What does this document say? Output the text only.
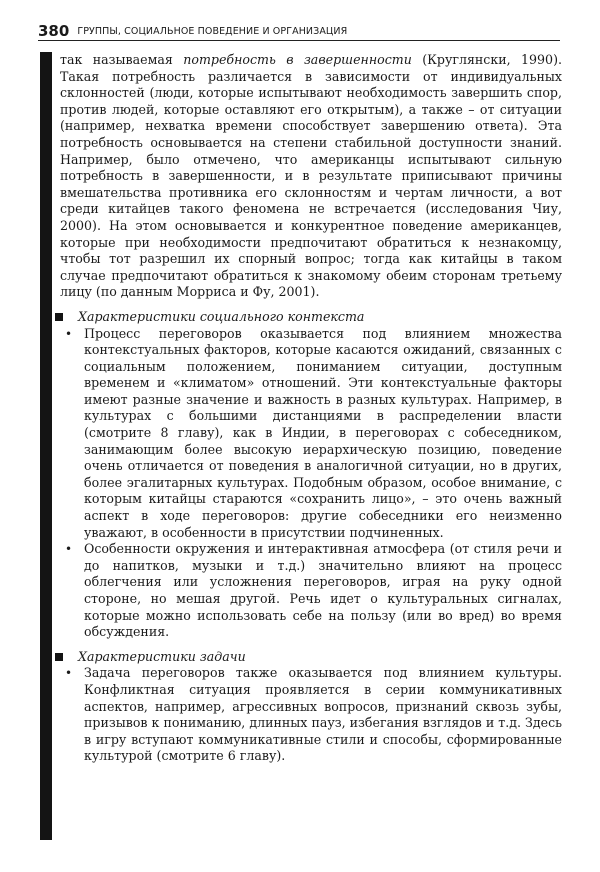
380 ГРУППЫ, СОЦИАЛЬНОЕ ПОВЕДЕНИЕ И ОРГАНИЗАЦИЯ

так называемая потребность в завершенности (Круглянски, 1990). Такая потребность различается в зависимости от индивидуальных склонностей (люди, которые испытывают необходимость завершить спор, против людей, которые оставляют его открытым), а также – от ситуации (например, нехватка времени способствует завершению ответа). Эта потребность основывается на степени стабильной доступности знаний. Например, было отмечено, что американцы испытывают сильную потребность в завершенности, и в результате приписывают причины вмешательства противника его склонностям и чертам личности, а вот среди китайцев такого феномена не встречается (исследования Чиу, 2000). На этом основывается и конкурентное поведение американцев, которые при необходимости предпочитают обратиться к незнакомцу, чтобы тот разрешил их спорный вопрос; тогда как китайцы в таком случае предпочитают обратиться к знакомому обеим сторонам третьему лицу (по данным Морриса и Фу, 2001).

Характеристики социального контекста
• Процесс переговоров оказывается под влиянием множества контекстуальных факторов, которые касаются ожиданий, связанных с социальным положением, пониманием ситуации, доступным временем и «климатом» отношений. Эти контекстуальные факторы имеют разные значение и важность в разных культурах. Например, в культурах с большими дистанциями в распределении власти (смотрите 8 главу), как в Индии, в переговорах с собеседником, занимающим более высокую иерархическую позицию, поведение очень отличается от поведения в аналогичной ситуации, но в других, более эгалитарных культурах. Подобным образом, особое внимание, с которым китайцы стараются «сохранить лицо», – это очень важный аспект в ходе переговоров: другие собеседники его неизменно уважают, в особенности в присутствии подчиненных.

• Особенности окружения и интерактивная атмосфера (от стиля речи и до напитков, музыки и т.д.) значительно влияют на процесс облегчения или усложнения переговоров, играя на руку одной стороне, но мешая другой. Речь идет о культуральных сигналах, которые можно использовать себе на пользу (или во вред) во время обсуждения.

Характеристики задачи
• Задача переговоров также оказывается под влиянием культуры. Конфликтная ситуация проявляется в серии коммуникативных аспектов, например, агрессивных вопросов, признаний сквозь зубы, призывов к пониманию, длинных пауз, избегания взглядов и т.д. Здесь в игру вступают коммуникативные стили и способы, сформированные культурой (смотрите 6 главу).
